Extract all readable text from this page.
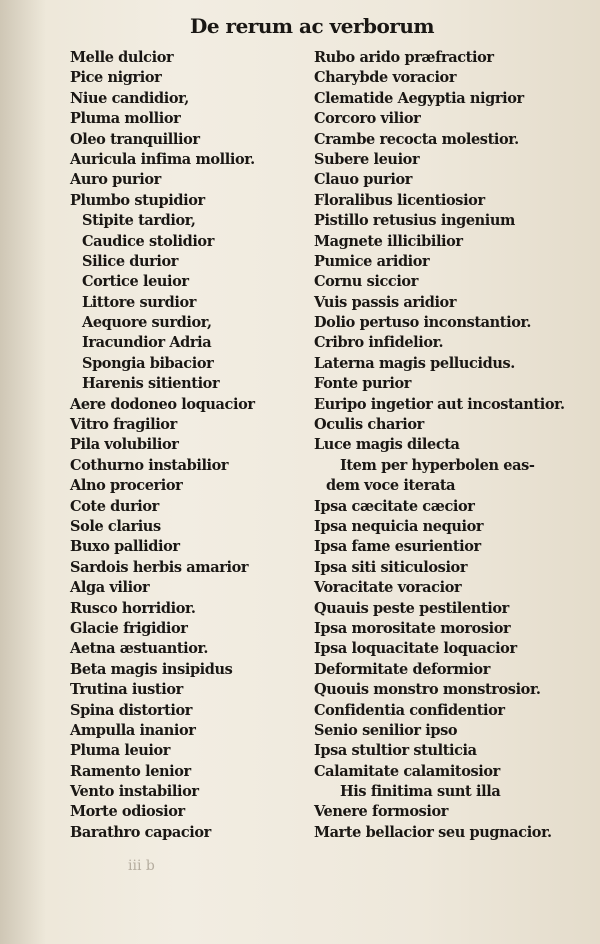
De rerum ac verborum
Melle dulcior
Pice nigrior
Niue candidior,
Pluma mollior
Oleo tranquillior
Auricula infima mollior.
Auro purior
Plumbo stupidior
Stipite tardior,
Caudice stolidior
Silice durior
Cortice leuior
Littore surdior
Aequore surdior,
Iracundior Adria
Spongia bibacior
Harenis sitientior
Aere dodoneo loquacior
Vitro fragilior
Pila volubilior
Cothurno instabilior
Alno procerior
Cote durior
Sole clarius
Buxo pallidior
Sardois herbis amarior
Alga vilior
Rusco horridior.
Glacie frigidior
Aetna æstuantior.
Beta magis insipidus
Trutina iustior
Spina distortior
Ampulla inanior
Pluma leuior
Ramento lenior
Vento instabilior
Morte odiosior
Barathro capacior
Rubo arido præfractior
Charybde voracior
Clematide Aegyptia nigrior
Corcoro vilior
Crambe recocta molestior.
Subere leuior
Clauo purior
Floralibus licentiosior
Pistillo retusius ingenium
Magnete illicibilior
Pumice aridior
Cornu siccior
Vuis passis aridior
Dolio pertuso inconstantior.
Cribro infidelior.
Laterna magis pellucidus.
Fonte purior
Euripo ingetior aut incostantior.
Oculis charior
Luce magis dilecta
Item per hyperbolen eas-
dem voce iterata
Ipsa cæcitate cæcior
Ipsa nequicia nequior
Ipsa fame esurientior
Ipsa siti siticulosior
Voracitate voracior
Quauis peste pestilentior
Ipsa morositate morosior
Ipsa loquacitate loquacior
Deformitate deformior
Quouis monstro monstrosior.
Confidentia confidentior
Senio senilior ipso
Ipsa stultior stulticia
Calamitate calamitosior
His finitima sunt illa
Venere formosior
Marte bellacior seu pugnacior.
iii b
